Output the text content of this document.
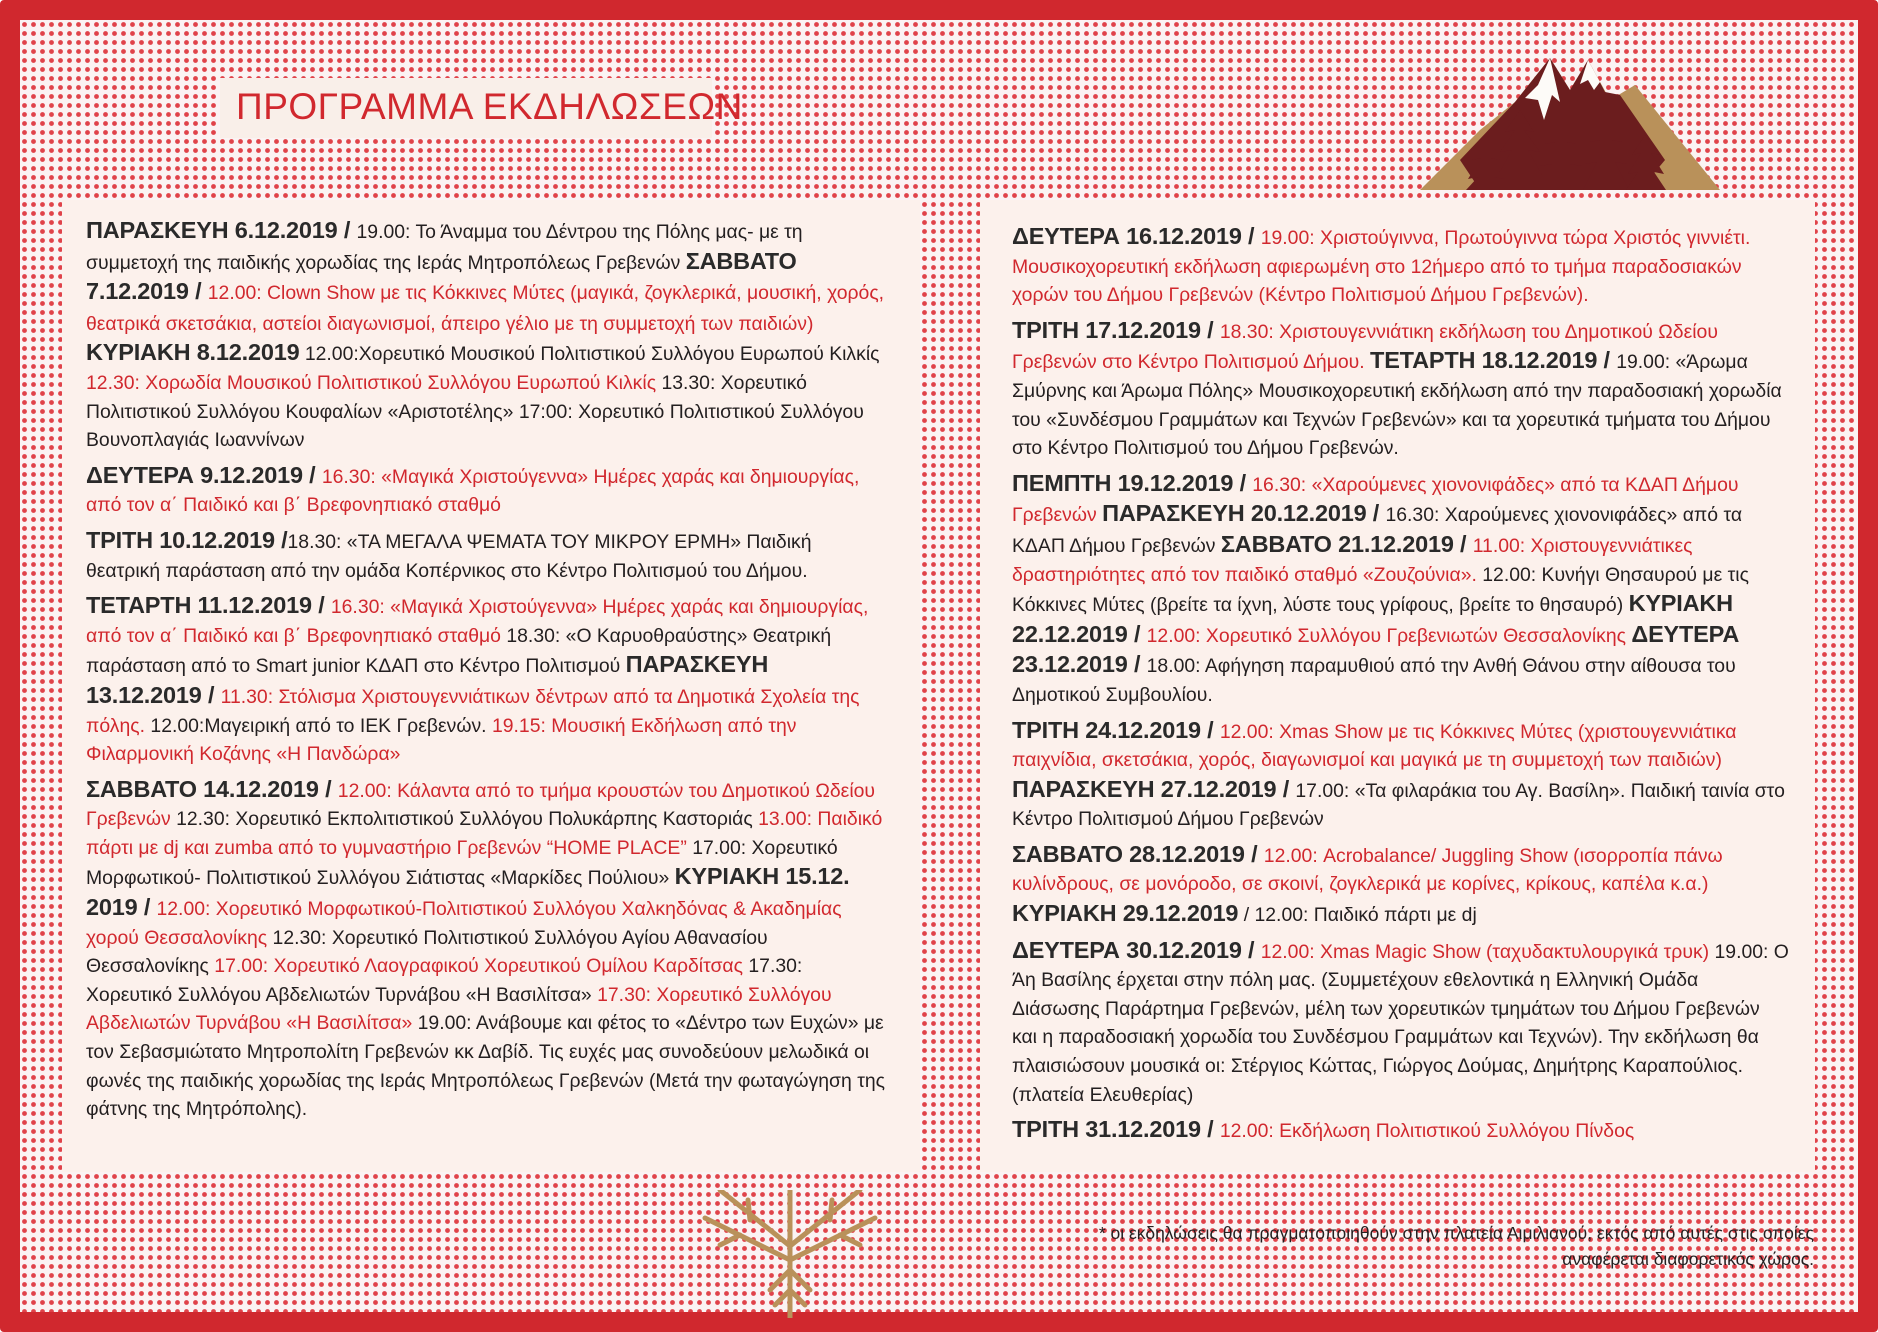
ΠΡΟΓΡΑΜΜΑ ΕΚΔΗΛΩΣΕΩΝ

ΠΑΡΑΣΚΕΥΗ 6.12.2019 / 19.00: Το Άναμμα του Δέντρου της Πόλης μας- με τη συμμετοχή της παιδικής χορωδίας της Ιεράς Μητροπόλεως Γρεβενών ΣΑΒΒΑΤΟ 7.12.2019 / 12.00: Clown Show με τις Κόκκινες Μύτες (μαγικά, ζογκλερικά, μουσική, χορός, θεατρικά σκετσάκια, αστείοι διαγωνισμοί, άπειρο γέλιο με τη συμμετοχή των παιδιών) ΚΥΡΙΑΚΗ 8.12.2019 12.00:Χορευτικό Μουσικού Πολιτιστικού Συλλόγου Ευρωπού Κιλκίς 12.30: Χορωδία Μουσικού Πολιτιστικού Συλλόγου Ευρωπού Κιλκίς 13.30: Χορευτικό Πολιτιστικού Συλλόγου Κουφαλίων «Αριστοτέλης» 17:00: Χορευτικό Πολιτιστικού Συλλόγου Βουνοπλαγιάς Ιωαννίνων

ΔΕΥΤΕΡΑ 9.12.2019 / 16.30: «Μαγικά Χριστούγεννα» Ημέρες χαράς και δημιουργίας, από τον α΄ Παιδικό και β΄ Βρεφονηπιακό σταθμό

ΤΡΙΤΗ 10.12.2019 /18.30: «ΤΑ ΜΕΓΑΛΑ ΨΕΜΑΤΑ ΤΟΥ ΜΙΚΡΟΥ ΕΡΜΗ» Παιδική θεατρική παράσταση από την ομάδα Κοπέρνικος στο Κέντρο Πολιτισμού του Δήμου.

ΤΕΤΑΡΤΗ 11.12.2019 / 16.30: «Μαγικά Χριστούγεννα» Ημέρες χαράς και δημιουργίας, από τον α΄ Παιδικό και β΄ Βρεφονηπιακό σταθμό 18.30: «Ο Καρυοθραύστης» Θεατρική παράσταση από το Smart junior ΚΔΑΠ στο Κέντρο Πολιτισμού ΠΑΡΑΣΚΕΥΗ 13.12.2019 / 11.30: Στόλισμα Χριστουγεννιάτικων δέντρων από τα Δημοτικά Σχολεία της πόλης. 12.00:Μαγειρική από το ΙΕΚ Γρεβενών. 19.15: Μουσική Εκδήλωση από την Φιλαρμονική Κοζάνης «Η Πανδώρα»

ΣΑΒΒΑΤΟ 14.12.2019 / 12.00: Κάλαντα από το τμήμα κρουστών του Δημοτικού Ωδείου Γρεβενών 12.30: Χορευτικό Εκπολιτιστικού Συλλόγου Πολυκάρπης Καστοριάς 13.00: Παιδικό πάρτι με dj και zumba από το γυμναστήριο Γρεβενών “HOME PLACE” 17.00: Χορευτικό Μορφωτικού- Πολιτιστικού Συλλόγου Σιάτιστας «Μαρκίδες Πούλιου» ΚΥΡΙΑΚΗ 15.12. 2019 / 12.00: Χορευτικό Μορφωτικού-Πολιτιστικού Συλλόγου Χαλκηδόνας & Ακαδημίας χορού Θεσσαλονίκης 12.30: Χορευτικό Πολιτιστικού Συλλόγου Αγίου Αθανασίου Θεσσαλονίκης 17.00: Χορευτικό Λαογραφικού Χορευτικού Ομίλου Καρδίτσας 17.30: Χορευτικό Συλλόγου Αβδελιωτών Τυρνάβου «Η Βασιλίτσα» 17.30: Χορευτικό Συλλόγου Αβδελιωτών Τυρνάβου «Η Βασιλίτσα» 19.00: Ανάβουμε και φέτος το «Δέντρο των Ευχών» με τον Σεβασμιώτατο Μητροπολίτη Γρεβενών κκ Δαβίδ. Τις ευχές μας συνοδεύουν μελωδικά οι φωνές της παιδικής χορωδίας της Ιεράς Μητροπόλεως Γρεβενών (Μετά την φωταγώγηση της φάτνης της Μητρόπολης).

ΔΕΥΤΕΡΑ 16.12.2019 / 19.00: Χριστούγιννα, Πρωτούγιννα τώρα Χριστός γιννιέτι. Μουσικοχορευτική εκδήλωση αφιερωμένη στο 12ήμερο από το τμήμα παραδοσιακών χορών του Δήμου Γρεβενών (Κέντρο Πολιτισμού Δήμου Γρεβενών).

ΤΡΙΤΗ 17.12.2019 / 18.30: Χριστουγεννιάτικη εκδήλωση του Δημοτικού Ωδείου Γρεβενών στο Κέντρο Πολιτισμού Δήμου. ΤΕΤΑΡΤΗ 18.12.2019 / 19.00: «Άρωμα Σμύρνης και Άρωμα Πόλης» Μουσικοχορευτική εκδήλωση από την παραδοσιακή χορωδία του «Συνδέσμου Γραμμάτων και Τεχνών Γρεβενών» και τα χορευτικά τμήματα του Δήμου στο Κέντρο Πολιτισμού του Δήμου Γρεβενών.

ΠΕΜΠΤΗ 19.12.2019 / 16.30: «Χαρούμενες χιονονιφάδες» από τα ΚΔΑΠ Δήμου Γρεβενών ΠΑΡΑΣΚΕΥΗ 20.12.2019 / 16.30: Χαρούμενες χιονονιφάδες» από τα ΚΔΑΠ Δήμου Γρεβενών ΣΑΒΒΑΤΟ 21.12.2019 / 11.00: Χριστουγεννιάτικες δραστηριότητες από τον παιδικό σταθμό «Ζουζούνια». 12.00: Κυνήγι Θησαυρού με τις Κόκκινες Μύτες (βρείτε τα ίχνη, λύστε τους γρίφους, βρείτε το θησαυρό) ΚΥΡΙΑΚΗ 22.12.2019 / 12.00: Χορευτικό Συλλόγου Γρεβενιωτών Θεσσαλονίκης ΔΕΥΤΕΡΑ 23.12.2019 / 18.00: Αφήγηση παραμυθιού από την Ανθή Θάνου στην αίθουσα του Δημοτικού Συμβουλίου.

ΤΡΙΤΗ 24.12.2019 / 12.00: Xmas Show με τις Κόκκινες Μύτες (χριστουγεννιάτικα παιχνίδια, σκετσάκια, χορός, διαγωνισμοί και μαγικά με τη συμμετοχή των παιδιών) ΠΑΡΑΣΚΕΥΗ 27.12.2019 / 17.00: «Τα φιλαράκια του Αγ. Βασίλη». Παιδική ταινία στο Κέντρο Πολιτισμού Δήμου Γρεβενών

ΣΑΒΒΑΤΟ 28.12.2019 / 12.00: Acrobalance/ Juggling Show (ισορροπία πάνω κυλίνδρους, σε μονόροδο, σε σκοινί, ζογκλερικά με κορίνες, κρίκους, καπέλα κ.α.) ΚΥΡΙΑΚΗ 29.12.2019 / 12.00: Παιδικό πάρτι με dj

ΔΕΥΤΕΡΑ 30.12.2019 / 12.00: Xmas Magic Show (ταχυδακτυλουργικά τρυκ) 19.00: Ο Άη Βασίλης έρχεται στην πόλη μας. (Συμμετέχουν εθελοντικά η Ελληνική Ομάδα Διάσωσης Παράρτημα Γρεβενών, μέλη των χορευτικών τμημάτων του Δήμου Γρεβενών και η παραδοσιακή χορωδία του Συνδέσμου Γραμμάτων και Τεχνών). Την εκδήλωση θα πλαισιώσουν μουσικά οι: Στέργιος Κώττας, Γιώργος Δούμας, Δημήτρης Καραπούλιος. (πλατεία Ελευθερίας)

ΤΡΙΤΗ 31.12.2019 / 12.00: Εκδήλωση Πολιτιστικού Συλλόγου Πίνδος

* οι εκδηλώσεις θα πραγματοποιηθούν στην πλατεία Αιμιλιανού, εκτός από αυτές στις οποίες αναφέρεται διαφορετικός χώρος.
